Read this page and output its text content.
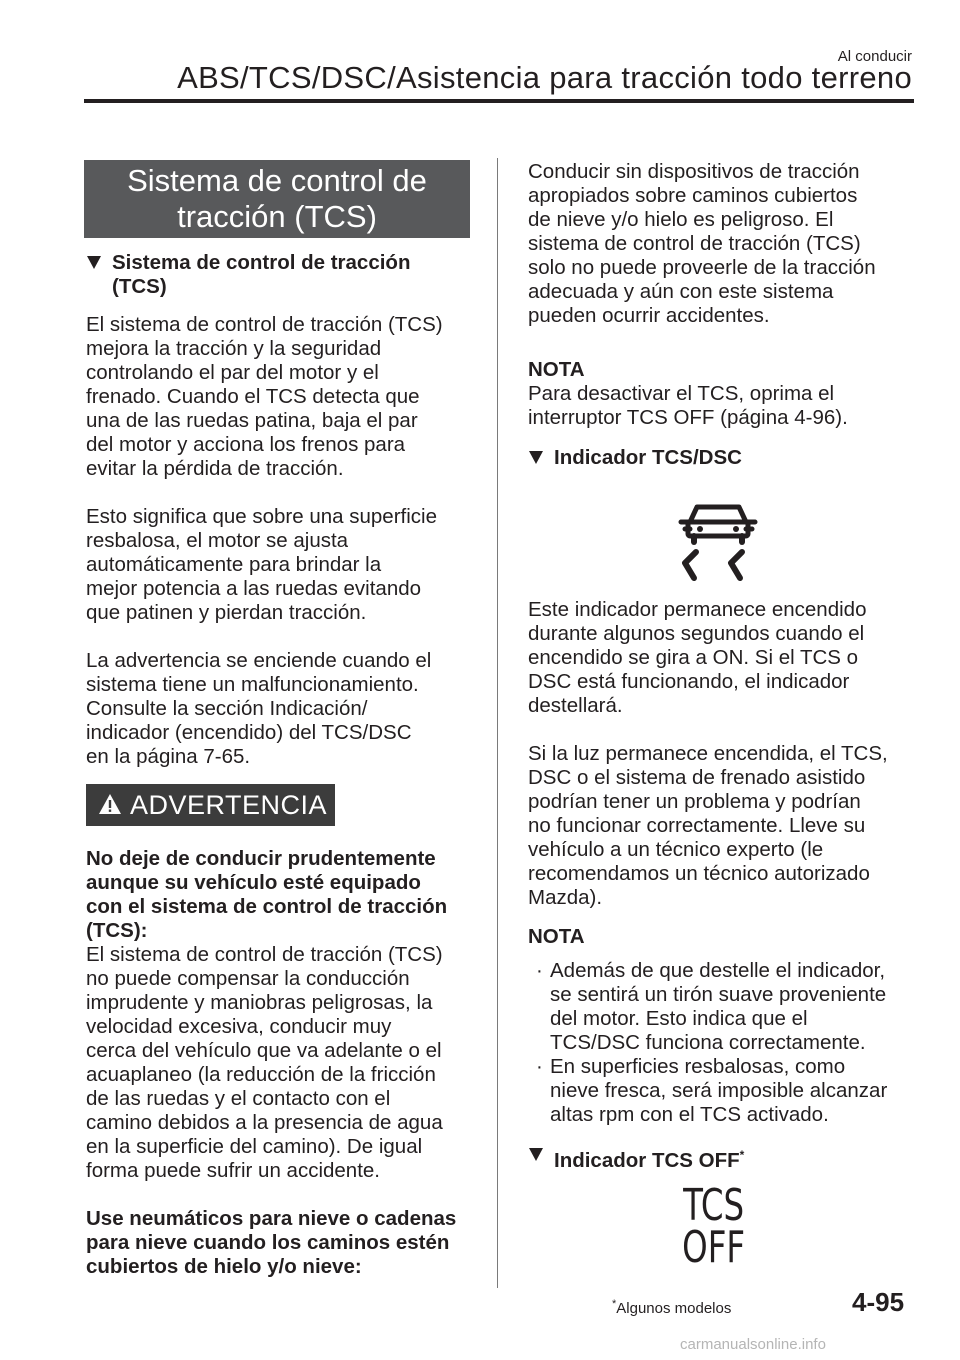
Al conducir
ABS/TCS/DSC/Asistencia para tracción todo terreno
Sistema de control de
tracción (TCS)
Sistema de control de tracción
(TCS)

El sistema de control de tracción (TCS)

mejora la tracción y la seguridad

controlando el par del motor y el

frenado. Cuando el TCS detecta que

una de las ruedas patina, baja el par

del motor y acciona los frenos para

evitar la pérdida de tracción.

Esto significa que sobre una superficie

resbalosa, el motor se ajusta

automáticamente para brindar la

mejor potencia a las ruedas evitando

que patinen y pierdan tracción.

La advertencia se enciende cuando el

sistema tiene un malfuncionamiento.

Consulte la sección Indicación/

indicador (encendido) del TCS/DSC

en la página 7-65.

ADVERTENCIA

No deje de conducir prudentemente

aunque su vehículo esté equipado

con el sistema de control de tracción

(TCS):

El sistema de control de tracción (TCS)

no puede compensar la conducción

imprudente y maniobras peligrosas, la

velocidad excesiva, conducir muy

cerca del vehículo que va adelante o el

acuaplaneo (la reducción de la fricción

de las ruedas y el contacto con el

camino debidos a la presencia de agua

en la superficie del camino). De igual

forma puede sufrir un accidente.

Use neumáticos para nieve o cadenas

para nieve cuando los caminos estén

cubiertos de hielo y/o nieve:

Conducir sin dispositivos de tracción

apropiados sobre caminos cubiertos

de nieve y/o hielo es peligroso. El

sistema de control de tracción (TCS)

solo no puede proveerle de la tracción

adecuada y aún con este sistema

pueden ocurrir accidentes.

NOTA

Para desactivar el TCS, oprima el

interruptor TCS OFF (página 4-96).

Indicador TCS/DSC

Este indicador permanece encendido

durante algunos segundos cuando el

encendido se gira a ON. Si el TCS o

DSC está funcionando, el indicador

destellará.

Si la luz permanece encendida, el TCS,

DSC o el sistema de frenado asistido

podrían tener un problema y podrían

no funcionar correctamente. Lleve su

vehículo a un técnico experto (le

recomendamos un técnico autorizado

Mazda).

NOTA
· Además de que destelle el indicador,

se sentirá un tirón suave proveniente

del motor. Esto indica que el

TCS/DSC funciona correctamente.

· En superficies resbalosas, como

nieve fresca, será imposible alcanzar

altas rpm con el TCS activado.

Indicador TCS OFF*
TCS
OFF
*Algunos modelos	4-95
carmanualsonline.info
